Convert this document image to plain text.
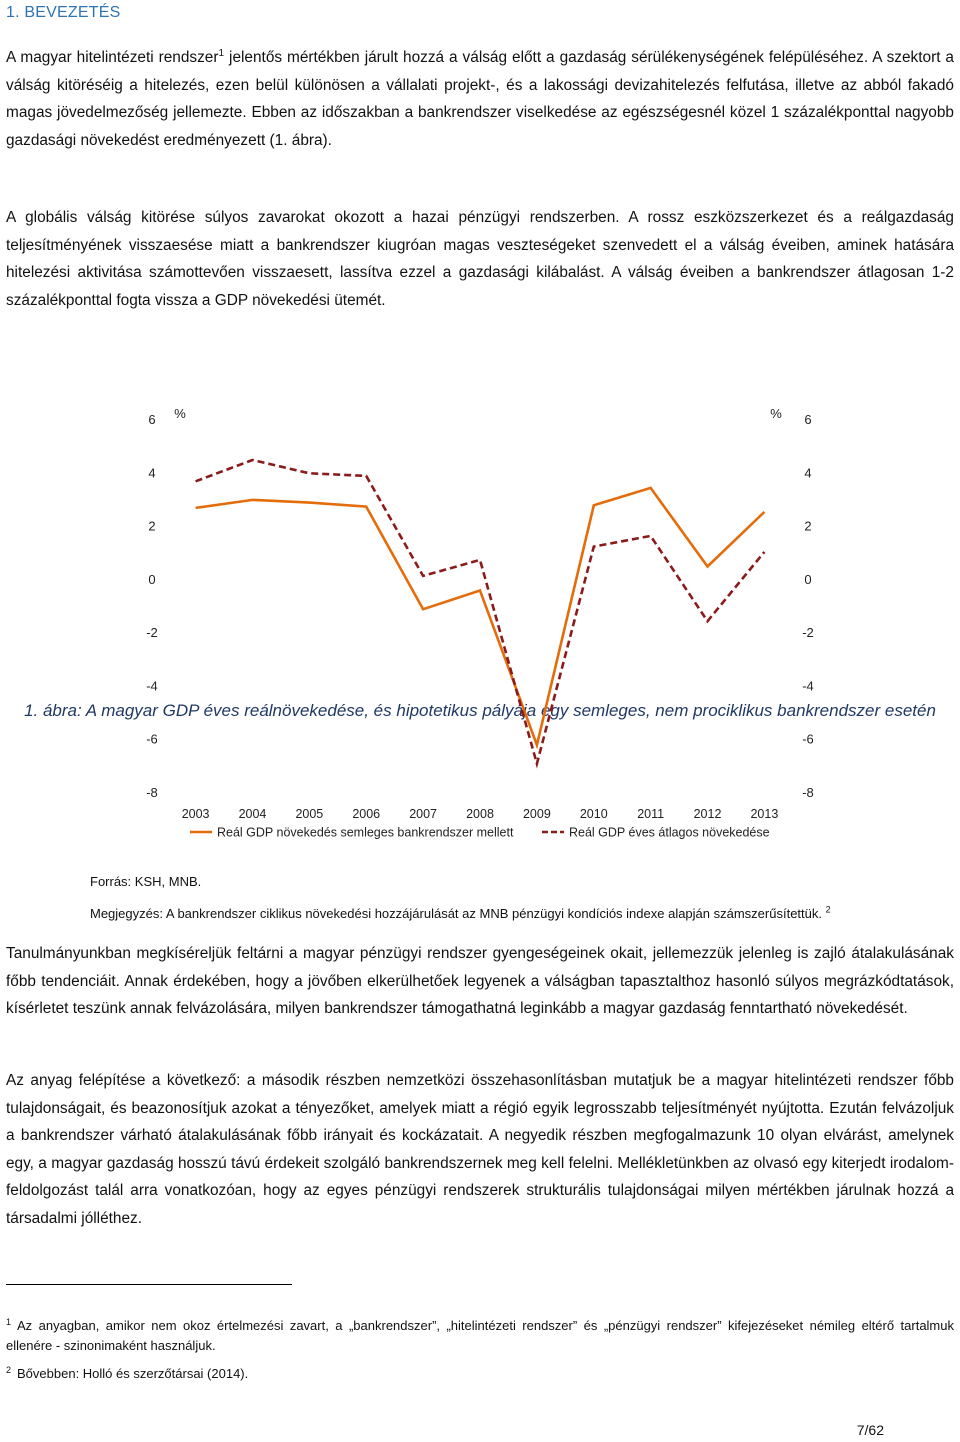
1. BEVEZETÉS

A magyar hitelintézeti rendszer$^1$ jelentős mértékben járult hozzá a válság előtt a gazdaság sérülékenységének felépüléséhez. A szektort a válság kitöréséig a hitelezés, ezen belül különösen a vállalati projekt-, és a lakossági devizahitelezés felfutása, illetve az abból fakadó magas jövedelmezőség jellemezte. Ebben az időszakban a bankrendszer viselkedése az egészségesnél közel 1 százalékponttal nagyobb gazdasági növekedést eredményezett (1. ábra).

A globális válság kitörése súlyos zavarokat okozott a hazai pénzügyi rendszerben. A rossz eszközszerkezet és a reálgazdaság teljesítményének visszaesése miatt a bankrendszer kiugróan magas veszteségeket szenvedett el a válság éveiben, aminek hatására hitelezési aktivitása számottevően visszaesett, lassítva ezzel a gazdasági kilábalást. A válság éveiben a bankrendszer átlagosan 1-2 százalékponttal fogta vissza a GDP növekedési ütemét.

1. ábra: A magyar GDP éves reálnövekedése, és hipotetikus pályája egy semleges, nem prociklikus bankrendszer esetén
%	%
-8	-8
-6	-6
-4	-4
-2	-2
0	0
2	2
4	4
6	6
2003 2004 2005 2006 2007 2008 2009 2010 2011 2012 2013
Reál GDP növekedés semleges bankrendszer mellett	Reál GDP éves átlagos növekedése
Forrás: KSH, MNB.
Megjegyzés: A bankrendszer ciklikus növekedési hozzájárulását az MNB pénzügyi kondíciós indexe alapján számszerűsítettük. $^2$

Tanulmányunkban megkíséreljük feltárni a magyar pénzügyi rendszer gyengeségeinek okait, jellemezzük jelenleg is zajló átalakulásának főbb tendenciáit. Annak érdekében, hogy a jövőben elkerülhetőek legyenek a válságban tapasztalthoz hasonló súlyos megrázkódtatások, kísérletet teszünk annak felvázolására, milyen bankrendszer támogathatná leginkább a magyar gazdaság fenntartható növekedését.

Az anyag felépítése a következő: a második részben nemzetközi összehasonlításban mutatjuk be a magyar hitelintézeti rendszer főbb tulajdonságait, és beazonosítjuk azokat a tényezőket, amelyek miatt a régió egyik legrosszabb teljesítményét nyújtotta. Ezután felvázoljuk a bankrendszer várható átalakulásának főbb irányait és kockázatait. A negyedik részben megfogalmazunk 10 olyan elvárást, amelynek egy, a magyar gazdaság hosszú távú érdekeit szolgáló bankrendszernek meg kell felelni. Mellékletünkben az olvasó egy kiterjedt irodalom-feldolgozást talál arra vonatkozóan, hogy az egyes pénzügyi rendszerek strukturális tulajdonságai milyen mértékben járulnak hozzá a társadalmi jólléthez.

$^1$ Az anyagban, amikor nem okoz értelmezési zavart, a „bankrendszer”, „hitelintézeti rendszer” és „pénzügyi rendszer” kifejezéseket némileg eltérő tartalmuk ellenére - szinonimaként használjuk.
$^2$ Bővebben: Holló és szerzőtársai (2014).
7/62
